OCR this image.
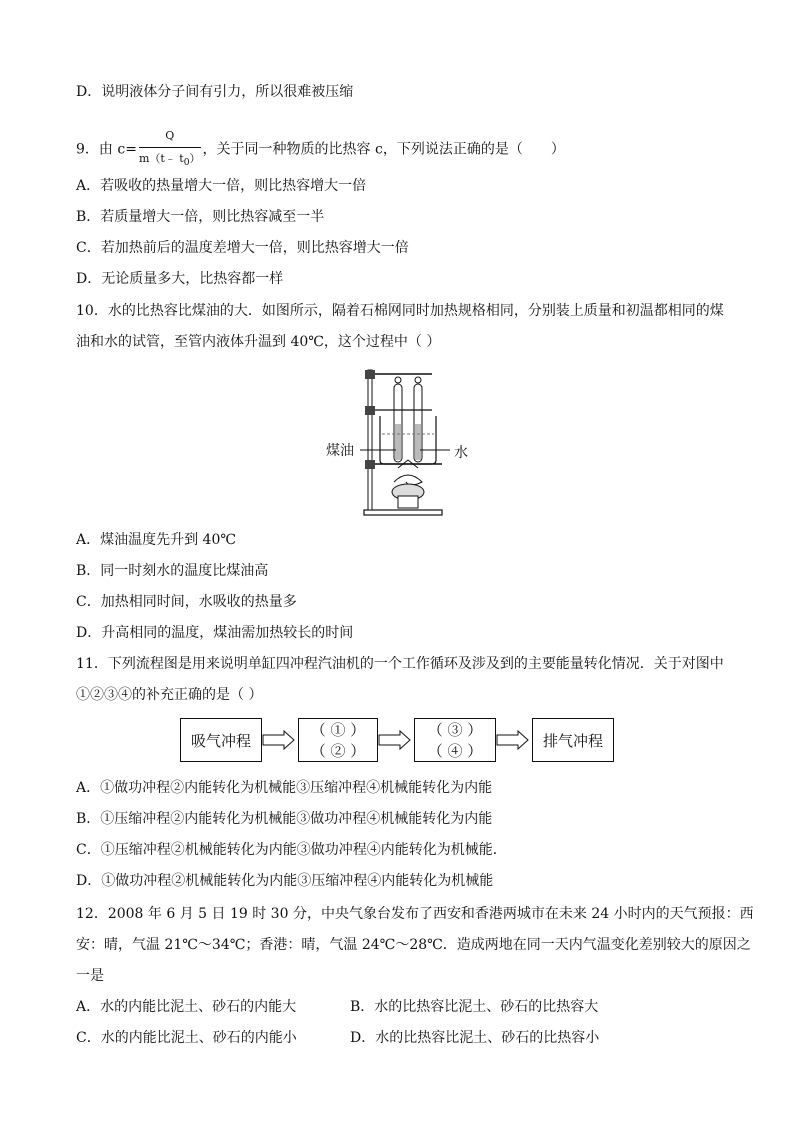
D．说明液体分子间有引力，所以很难被压缩
9．由 $c= \frac{Q}{m(t﹣ t_0)}$ ，关于同一种物质的比热容 c，下列说法正确的是（　　）
A．若吸收的热量增大一倍，则比热容增大一倍
B．若质量增大一倍，则比热容减至一半
C．若加热前后的温度差增大一倍，则比热容增大一倍
D．无论质量多大，比热容都一样
10．水的比热容比煤油的大．如图所示，隔着石棉网同时加热规格相同，分别装上质量和初温都相同的煤
油和水的试管，至管内液体升温到 40℃，这个过程中（ ）
煤油	水
A．煤油温度先升到 40℃
B．同一时刻水的温度比煤油高
C．加热相同时间，水吸收的热量多
D．升高相同的温度，煤油需加热较长的时间
11．下列流程图是用来说明单缸四冲程汽油机的一个工作循环及涉及到的主要能量转化情况．关于对图中
①②③④的补充正确的是（ ）
吸气冲程
（ ① ）
（ ② ）
（ ③ ）
（ ④ ）
排气冲程
A．①做功冲程②内能转化为机械能③压缩冲程④机械能转化为内能
B．①压缩冲程②内能转化为机械能③做功冲程④机械能转化为内能
C．①压缩冲程②机械能转化为内能③做功冲程④内能转化为机械能．
D．①做功冲程②机械能转化为内能③压缩冲程④内能转化为机械能
12．2008 年 6 月 5 日 19 时 30 分，中央气象台发布了西安和香港两城市在未来 24 小时内的天气预报：西
安：晴，气温 21℃～34℃；香港：晴，气温 24℃～28℃．造成两地在同一天内气温变化差别较大的原因之
一是
A．水的内能比泥土、砂石的内能大	B．水的比热容比泥土、砂石的比热容大
C．水的内能比泥土、砂石的内能小	D．水的比热容比泥土、砂石的比热容小
